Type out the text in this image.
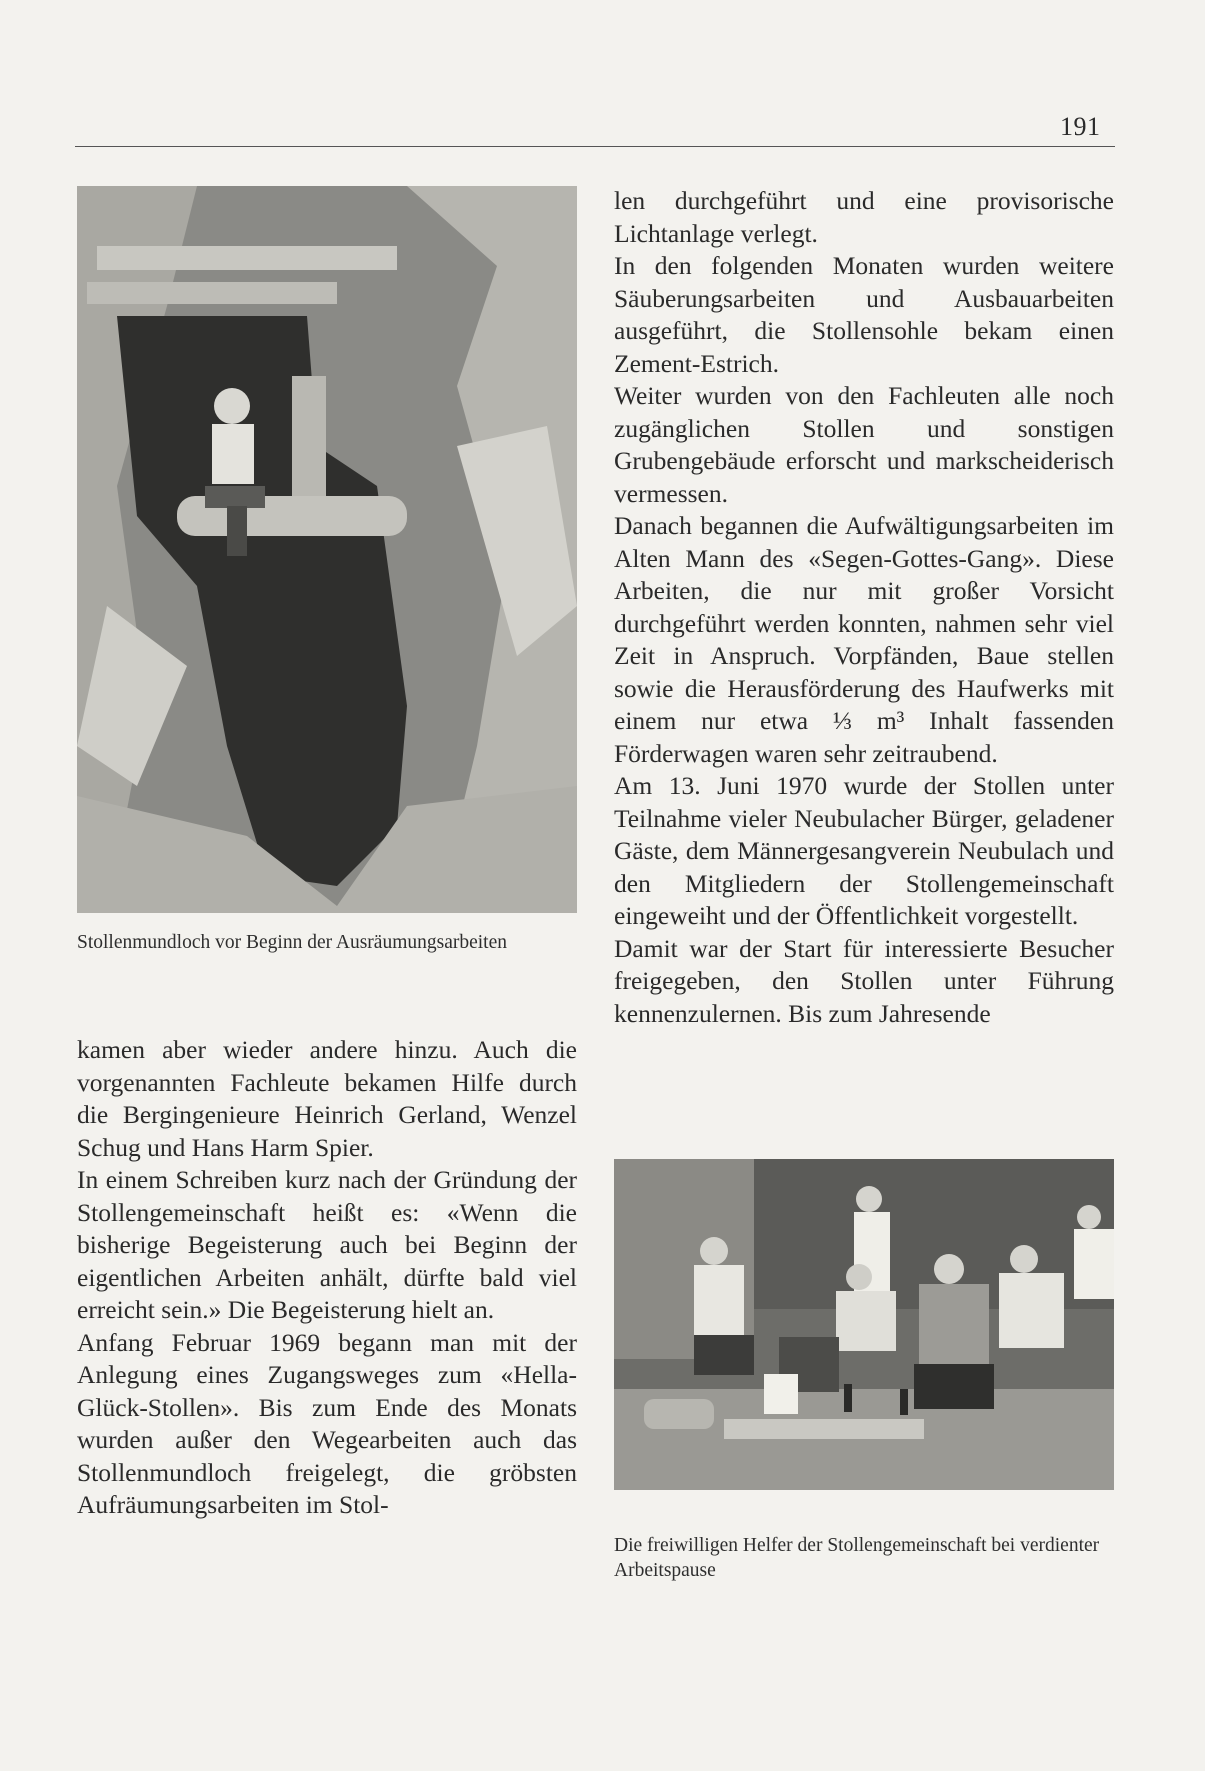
191
Stollenmundloch vor Beginn der Ausräumungsarbeiten

kamen aber wieder andere hinzu. Auch die vorgenannten Fachleute bekamen Hilfe durch die Bergingenieure Heinrich Gerland, Wenzel Schug und Hans Harm Spier.

In einem Schreiben kurz nach der Gründung der Stollengemeinschaft heißt es: «Wenn die bisherige Begeisterung auch bei Beginn der eigentlichen Arbeiten anhält, dürfte bald viel erreicht sein.» Die Begeisterung hielt an.

Anfang Februar 1969 begann man mit der Anlegung eines Zugangsweges zum «Hella-Glück-Stollen». Bis zum Ende des Monats wurden außer den Wegearbeiten auch das Stollenmundloch freigelegt, die gröbsten Aufräumungsarbeiten im Stol-

len durchgeführt und eine provisorische Lichtanlage verlegt.

In den folgenden Monaten wurden weitere Säuberungsarbeiten und Ausbauarbeiten ausgeführt, die Stollensohle bekam einen Zement-Estrich.

Weiter wurden von den Fachleuten alle noch zugänglichen Stollen und sonstigen Grubengebäude erforscht und markscheiderisch vermessen.

Danach begannen die Aufwältigungsarbeiten im Alten Mann des «Segen-Gottes-Gang». Diese Arbeiten, die nur mit großer Vorsicht durchgeführt werden konnten, nahmen sehr viel Zeit in Anspruch. Vorpfänden, Baue stellen sowie die Herausförderung des Haufwerks mit einem nur etwa ⅓ m³ Inhalt fassenden Förderwagen waren sehr zeitraubend.

Am 13. Juni 1970 wurde der Stollen unter Teilnahme vieler Neubulacher Bürger, geladener Gäste, dem Männergesangverein Neubulach und den Mitgliedern der Stollengemeinschaft eingeweiht und der Öffentlichkeit vorgestellt.

Damit war der Start für interessierte Besucher freigegeben, den Stollen unter Führung kennenzulernen. Bis zum Jahresende

Die freiwilligen Helfer der Stollengemeinschaft bei verdienter Arbeitspause
